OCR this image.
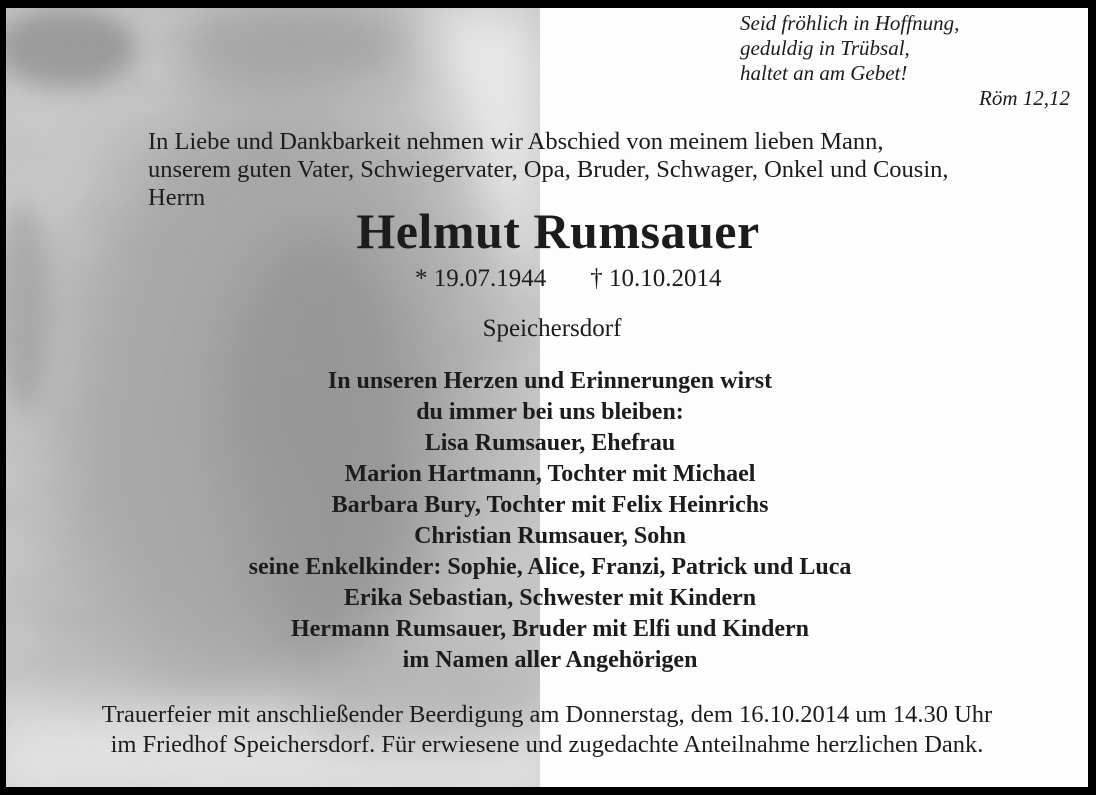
Seid fröhlich in Hoffnung,
geduldig in Trübsal,
haltet an am Gebet!
Röm 12,12
In Liebe und Dankbarkeit nehmen wir Abschied von meinem lieben Mann,
unserem guten Vater, Schwiegervater, Opa, Bruder, Schwager, Onkel und Cousin,
Herrn
Helmut Rumsauer
* 19.07.1944 † 10.10.2014
Speichersdorf
In unseren Herzen und Erinnerungen wirst
du immer bei uns bleiben:
Lisa Rumsauer, Ehefrau
Marion Hartmann, Tochter mit Michael
Barbara Bury, Tochter mit Felix Heinrichs
Christian Rumsauer, Sohn
seine Enkelkinder: Sophie, Alice, Franzi, Patrick und Luca
Erika Sebastian, Schwester mit Kindern
Hermann Rumsauer, Bruder mit Elfi und Kindern
im Namen aller Angehörigen
Trauerfeier mit anschließender Beerdigung am Donnerstag, dem 16.10.2014 um 14.30 Uhr
im Friedhof Speichersdorf. Für erwiesene und zugedachte Anteilnahme herzlichen Dank.
